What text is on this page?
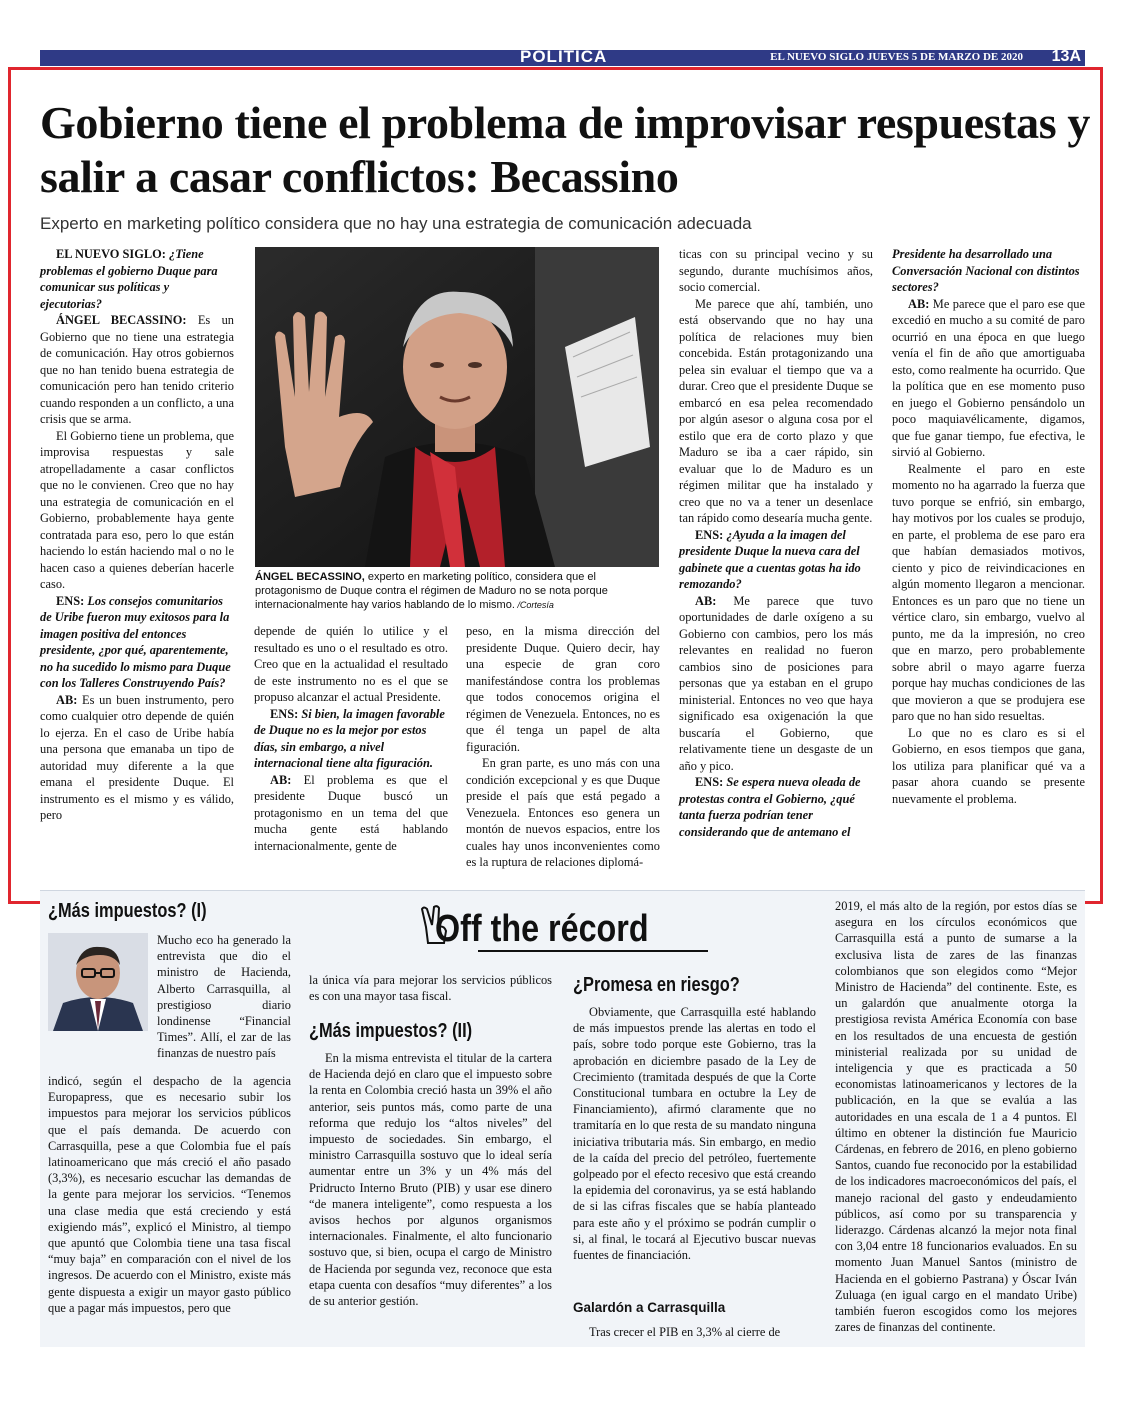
POLÍTICA	EL NUEVO SIGLO JUEVES 5 DE MARZO DE 2020 13A
Gobierno tiene el problema de improvisar respuestas y salir a casar conflictos: Becassino

Experto en marketing político considera que no hay una estrategia de comunicación adecuada

EL NUEVO SIGLO: ¿Tiene problemas el gobierno Duque para comunicar sus políticas y ejecutorias?

ÁNGEL BECASSINO: Es un Gobierno que no tiene una estrategia de comunicación. Hay otros gobiernos que no han tenido buena estrategia de comunicación pero han tenido criterio cuando responden a un conflicto, a una crisis que se arma.

El Gobierno tiene un problema, que improvisa respuestas y sale atropelladamente a casar conflictos que no le convienen. Creo que no hay una estrategia de comunicación en el Gobierno, probablemente haya gente contratada para eso, pero lo que están haciendo lo están haciendo mal o no le hacen caso a quienes deberían hacerle caso.

ENS: Los consejos comunitarios de Uribe fueron muy exitosos para la imagen positiva del entonces presidente, ¿por qué, aparentemente, no ha sucedido lo mismo para Duque con los Talleres Construyendo País?

AB: Es un buen instrumento, pero como cualquier otro depende de quién lo ejerza. En el caso de Uribe había una persona que emanaba un tipo de autoridad muy diferente a la que emana el presidente Duque. El instrumento es el mismo y es válido, pero

ÁNGEL BECASSINO, experto en marketing político, considera que el protagonismo de Duque contra el régimen de Maduro no se nota porque internacionalmente hay varios hablando de lo mismo. /Cortesía

depende de quién lo utilice y el resultado es uno o el resultado es otro. Creo que en la actualidad el resultado de este instrumento no es el que se propuso alcanzar el actual Presidente.

ENS: Si bien, la imagen favorable de Duque no es la mejor por estos días, sin embargo, a nivel internacional tiene alta figuración.

AB: El problema es que el presidente Duque buscó un protagonismo en un tema del que mucha gente está hablando internacionalmente, gente de

peso, en la misma dirección del presidente Duque. Quiero decir, hay una especie de gran coro manifestándose contra los problemas que todos conocemos origina el régimen de Venezuela. Entonces, no es que él tenga un papel de alta figuración.

En gran parte, es uno más con una condición excepcional y es que Duque preside el país que está pegado a Venezuela. Entonces eso genera un montón de nuevos espacios, entre los cuales hay unos inconvenientes como es la ruptura de relaciones diplomá-

ticas con su principal vecino y su segundo, durante muchísimos años, socio comercial.

Me parece que ahí, también, uno está observando que no hay una política de relaciones muy bien concebida. Están protagonizando una pelea sin evaluar el tiempo que va a durar. Creo que el presidente Duque se embarcó en esa pelea recomendado por algún asesor o alguna cosa por el estilo que era de corto plazo y que Maduro se iba a caer rápido, sin evaluar que lo de Maduro es un régimen militar que ha instalado y creo que no va a tener un desenlace tan rápido como desearía mucha gente.

ENS: ¿Ayuda a la imagen del presidente Duque la nueva cara del gabinete que a cuentas gotas ha ido remozando?

AB: Me parece que tuvo oportunidades de darle oxígeno a su Gobierno con cambios, pero los más relevantes en realidad no fueron cambios sino de posiciones para personas que ya estaban en el grupo ministerial. Entonces no veo que haya significado esa oxigenación la que buscaría el Gobierno, que relativamente tiene un desgaste de un año y pico.

ENS: Se espera nueva oleada de protestas contra el Gobierno, ¿qué tanta fuerza podrían tener considerando que de antemano el

Presidente ha desarrollado una Conversación Nacional con distintos sectores?

AB: Me parece que el paro ese que excedió en mucho a su comité de paro ocurrió en una época en que luego venía el fin de año que amortiguaba esto, como realmente ha ocurrido. Que la política que en ese momento puso en juego el Gobierno pensándolo un poco maquiavélicamente, digamos, que fue ganar tiempo, fue efectiva, le sirvió al Gobierno.

Realmente el paro en este momento no ha agarrado la fuerza que tuvo porque se enfrió, sin embargo, hay motivos por los cuales se produjo, en parte, el problema de ese paro era que habían demasiados motivos, ciento y pico de reivindicaciones en algún momento llegaron a mencionar. Entonces es un paro que no tiene un vértice claro, sin embargo, vuelvo al punto, me da la impresión, no creo que en marzo, pero probablemente sobre abril o mayo agarre fuerza porque hay muchas condiciones de las que movieron a que se produjera ese paro que no han sido resueltas.

Lo que no es claro es si el Gobierno, en esos tiempos que gana, los utiliza para planificar qué va a pasar ahora cuando se presente nuevamente el problema.

Off the récord
¿Más impuestos? (I)
Mucho eco ha generado la entrevista que dio el ministro de Hacienda, Alberto Carrasquilla, al prestigioso diario londinense “Financial Times”. Allí, el zar de las finanzas de nuestro país
indicó, según el despacho de la agencia Europapress, que es necesario subir los impuestos para mejorar los servicios públicos que el país demanda. De acuerdo con Carrasquilla, pese a que Colombia fue el país latinoamericano que más creció el año pasado (3,3%), es necesario escuchar las demandas de la gente para mejorar los servicios. “Tenemos una clase media que está creciendo y está exigiendo más”, explicó el Ministro, al tiempo que apuntó que Colombia tiene una tasa fiscal “muy baja” en comparación con el nivel de los ingresos. De acuerdo con el Ministro, existe más gente dispuesta a exigir un mayor gasto público que a pagar más impuestos, pero que
la única vía para mejorar los servicios públicos es con una mayor tasa fiscal.
¿Más impuestos? (II)

En la misma entrevista el titular de la cartera de Hacienda dejó en claro que el impuesto sobre la renta en Colombia creció hasta un 39% el año anterior, seis puntos más, como parte de una reforma que redujo los “altos niveles” del impuesto de sociedades. Sin embargo, el ministro Carrasquilla sostuvo que lo ideal sería aumentar entre un 3% y un 4% más del Pridructo Interno Bruto (PIB) y usar ese dinero “de manera inteligente”, como respuesta a los avisos hechos por algunos organismos internacionales. Finalmente, el alto funcionario sostuvo que, si bien, ocupa el cargo de Ministro de Hacienda por segunda vez, reconoce que esta etapa cuenta con desafíos “muy diferentes” a los de su anterior gestión.

¿Promesa en riesgo?

Obviamente, que Carrasquilla esté hablando de más impuestos prende las alertas en todo el país, sobre todo porque este Gobierno, tras la aprobación en diciembre pasado de la Ley de Crecimiento (tramitada después de que la Corte Constitucional tumbara en octubre la Ley de Financiamiento), afirmó claramente que no tramitaría en lo que resta de su mandato ninguna iniciativa tributaria más. Sin embargo, en medio de la caída del precio del petróleo, fuertemente golpeado por el efecto recesivo que está creando la epidemia del coronavirus, ya se está hablando de si las cifras fiscales que se había planteado para este año y el próximo se podrán cumplir o si, al final, le tocará al Ejecutivo buscar nuevas fuentes de financiación.

Galardón a Carrasquilla

Tras crecer el PIB en 3,3% al cierre de

2019, el más alto de la región, por estos días se asegura en los círculos económicos que Carrasquilla está a punto de sumarse a la exclusiva lista de zares de las finanzas colombianos que son elegidos como “Mejor Ministro de Hacienda” del continente. Este, es un galardón que anualmente otorga la prestigiosa revista América Economía con base en los resultados de una encuesta de gestión ministerial realizada por su unidad de inteligencia y que es practicada a 50 economistas latinoamericanos y lectores de la publicación, en la que se evalúa a las autoridades en una escala de 1 a 4 puntos. El último en obtener la distinción fue Mauricio Cárdenas, en febrero de 2016, en pleno gobierno Santos, cuando fue reconocido por la estabilidad de los indicadores macroeconómicos del país, el manejo racional del gasto y endeudamiento públicos, así como por su transparencia y liderazgo. Cárdenas alcanzó la mejor nota final con 3,04 entre 18 funcionarios evaluados. En su momento Juan Manuel Santos (ministro de Hacienda en el gobierno Pastrana) y Óscar Iván Zuluaga (en igual cargo en el mandato Uribe) también fueron escogidos como los mejores zares de finanzas del continente.
